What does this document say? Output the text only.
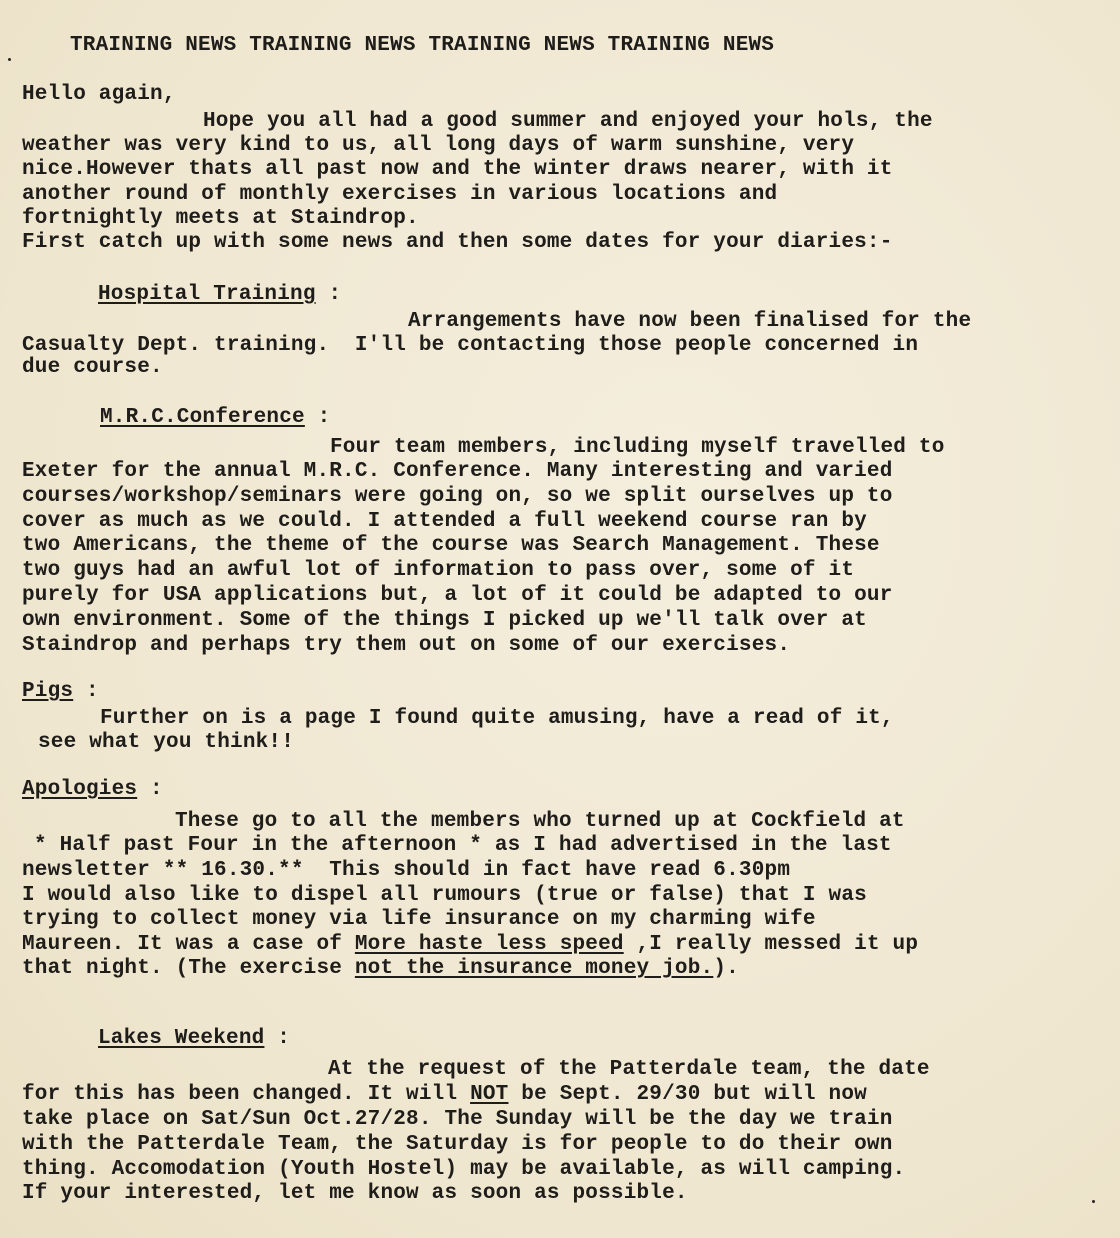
TRAINING NEWS TRAINING NEWS TRAINING NEWS TRAINING NEWS

Hello again,

Hope you all had a good summer and enjoyed your hols, the

weather was very kind to us, all long days of warm sunshine, very

nice.However thats all past now and the winter draws nearer, with it

another round of monthly exercises in various locations and

fortnightly meets at Staindrop.

First catch up with some news and then some dates for your diaries:-

Hospital Training :

Arrangements have now been finalised for the

Casualty Dept. training.  I'll be contacting those people concerned in

due course.

M.R.C.Conference :

Four team members, including myself travelled to

Exeter for the annual M.R.C. Conference. Many interesting and varied

courses/workshop/seminars were going on, so we split ourselves up to

cover as much as we could. I attended a full weekend course ran by

two Americans, the theme of the course was Search Management. These

two guys had an awful lot of information to pass over, some of it

purely for USA applications but, a lot of it could be adapted to our

own environment. Some of the things I picked up we'll talk over at

Staindrop and perhaps try them out on some of our exercises.

Pigs :

Further on is a page I found quite amusing, have a read of it,

see what you think!!

Apologies :

These go to all the members who turned up at Cockfield at

* Half past Four in the afternoon * as I had advertised in the last

newsletter ** 16.30.**  This should in fact have read 6.30pm

I would also like to dispel all rumours (true or false) that I was

trying to collect money via life insurance on my charming wife

Maureen. It was a case of More haste less speed ,I really messed it up

that night. (The exercise not the insurance money job.).

Lakes Weekend :

At the request of the Patterdale team, the date

for this has been changed. It will NOT be Sept. 29/30 but will now

take place on Sat/Sun Oct.27/28. The Sunday will be the day we train

with the Patterdale Team, the Saturday is for people to do their own

thing. Accomodation (Youth Hostel) may be available, as will camping.

If your interested, let me know as soon as possible.
